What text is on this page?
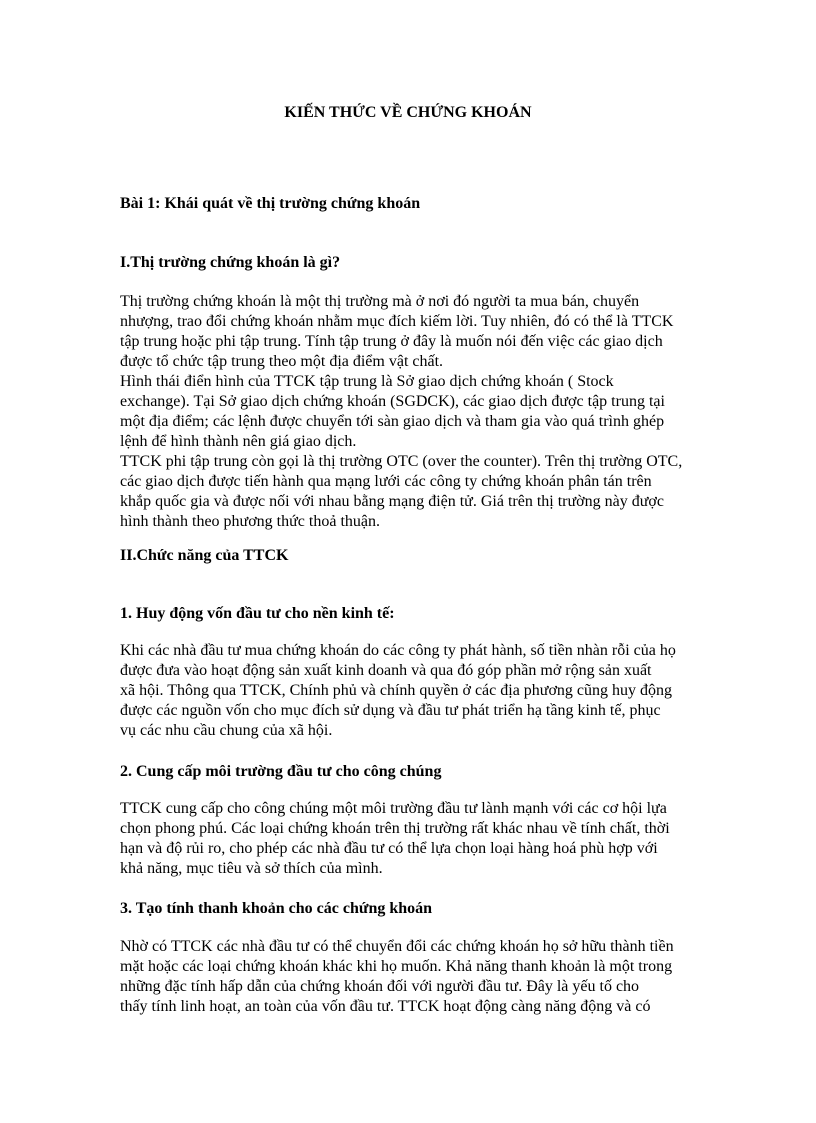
KIẾN THỨC VỀ CHỨNG KHOÁN
Bài 1: Khái quát về thị trường chứng khoán
I.Thị trường chứng khoán là gì?
Thị trường chứng khoán là một thị trường mà ở nơi đó người ta mua bán, chuyển
nhượng, trao đổi chứng khoán nhằm mục đích kiếm lời. Tuy nhiên, đó có thể là TTCK
tập trung hoặc phi tập trung. Tính tập trung ở đây là muốn nói đến việc các giao dịch
được tổ chức tập trung theo một địa điểm vật chất.
Hình thái điển hình của TTCK tập trung là Sở giao dịch chứng khoán ( Stock
exchange). Tại Sở giao dịch chứng khoán (SGDCK), các giao dịch được tập trung tại
một địa điểm; các lệnh được chuyển tới sàn giao dịch và tham gia vào quá trình ghép
lệnh để hình thành nên giá giao dịch.
TTCK phi tập trung còn gọi là thị trường OTC (over the counter). Trên thị trường OTC,
các giao dịch được tiến hành qua mạng lưới các công ty chứng khoán phân tán trên
khắp quốc gia và được nối với nhau bằng mạng điện tử. Giá trên thị trường này được
hình thành theo phương thức thoả thuận.
II.Chức năng của TTCK
1. Huy động vốn đầu tư cho nền kinh tế:
Khi các nhà đầu tư mua chứng khoán do các công ty phát hành, số tiền nhàn rỗi của họ
được đưa vào hoạt động sản xuất kinh doanh và qua đó góp phần mở rộng sản xuất
xã hội. Thông qua TTCK, Chính phủ và chính quyền ở các địa phương cũng huy động
được các nguồn vốn cho mục đích sử dụng và đầu tư phát triển hạ tầng kinh tế, phục
vụ các nhu cầu chung của xã hội.
2. Cung cấp môi trường đầu tư cho công chúng
TTCK cung cấp cho công chúng một môi trường đầu tư lành mạnh với các cơ hội lựa
chọn phong phú. Các loại chứng khoán trên thị trường rất khác nhau về tính chất, thời
hạn và độ rủi ro, cho phép các nhà đầu tư có thể lựa chọn loại hàng hoá phù hợp với
khả năng, mục tiêu và sở thích của mình.
3. Tạo tính thanh khoản cho các chứng khoán
Nhờ có TTCK các nhà đầu tư có thể chuyển đổi các chứng khoán họ sở hữu thành tiền
mặt hoặc các loại chứng khoán khác khi họ muốn. Khả năng thanh khoản là một trong
những đặc tính hấp dẫn của chứng khoán đối với người đầu tư. Đây là yếu tố cho
thấy tính linh hoạt, an toàn của vốn đầu tư. TTCK hoạt động càng năng động và có
